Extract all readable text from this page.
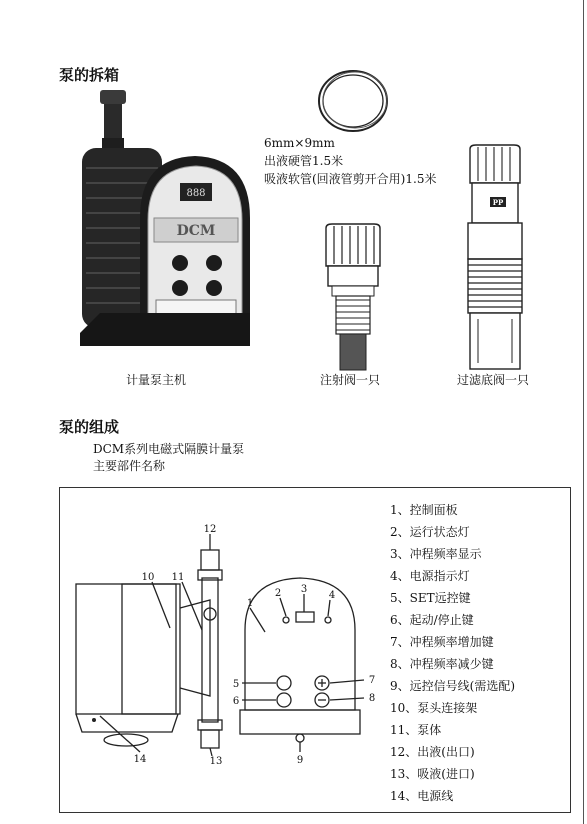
泵的拆箱
888
DCM
计量泵主机
6mm×9mm
出液硬管1.5米
吸液软管(回液管剪开合用)1.5米
注射阀一只
PP
过滤底阀一只
泵的组成
DCM系列电磁式隔膜计量泵
主要部件名称
12
10 11
1
2 3
4
5
6
7
8
9
13
14
1、控制面板
2、运行状态灯
3、冲程频率显示
4、电源指示灯
5、SET远控键
6、起动/停止键
7、冲程频率增加键
8、冲程频率减少键
9、远控信号线(需选配)
10、泵头连接架
11、泵体
12、出液(出口)
13、吸液(进口)
14、电源线
